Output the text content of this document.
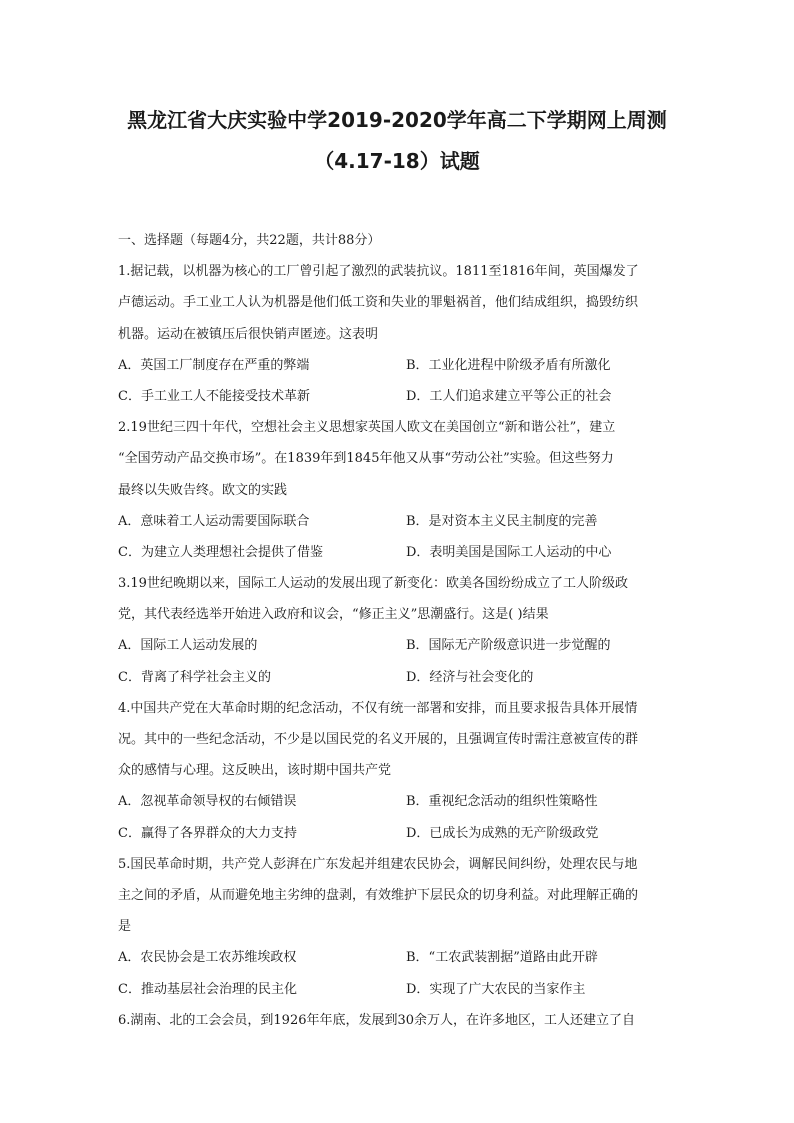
黑龙江省大庆实验中学2019-2020学年高二下学期网上周测
（4.17-18）试题
一、选择题（每题4分，共22题，共计88分）
1.据记载，以机器为核心的工厂曾引起了激烈的武装抗议。1811至1816年间，英国爆发了
卢德运动。手工业工人认为机器是他们低工资和失业的罪魁祸首，他们结成组织，捣毁纺织
机器。运动在被镇压后很快销声匿迹。这表明
A．英国工厂制度存在严重的弊端	B．工业化进程中阶级矛盾有所激化
C．手工业工人不能接受技术革新	D．工人们追求建立平等公正的社会
2.19世纪三四十年代，空想社会主义思想家英国人欧文在美国创立“新和谐公社”，建立
“全国劳动产品交换市场”。在1839年到1845年他又从事“劳动公社”实验。但这些努力
最终以失败告终。欧文的实践
A．意味着工人运动需要国际联合	B．是对资本主义民主制度的完善
C．为建立人类理想社会提供了借鉴	D．表明美国是国际工人运动的中心
3.19世纪晚期以来，国际工人运动的发展出现了新变化：欧美各国纷纷成立了工人阶级政
党，其代表经选举开始进入政府和议会，“修正主义”思潮盛行。这是( )结果
A．国际工人运动发展的	B．国际无产阶级意识进一步觉醒的
C．背离了科学社会主义的	D．经济与社会变化的
4.中国共产党在大革命时期的纪念活动，不仅有统一部署和安排，而且要求报告具体开展情
况。其中的一些纪念活动，不少是以国民党的名义开展的，且强调宣传时需注意被宣传的群
众的感情与心理。这反映出，该时期中国共产党
A．忽视革命领导权的右倾错误	B．重视纪念活动的组织性策略性
C．赢得了各界群众的大力支持	D．已成长为成熟的无产阶级政党
5.国民革命时期，共产党人彭湃在广东发起并组建农民协会，调解民间纠纷，处理农民与地
主之间的矛盾，从而避免地主劣绅的盘剥，有效维护下层民众的切身利益。对此理解正确的
是
A．农民协会是工农苏维埃政权	B．“工农武装割据”道路由此开辟
C．推动基层社会治理的民主化	D．实现了广大农民的当家作主
6.湖南、北的工会会员，到1926年年底，发展到30余万人，在许多地区，工人还建立了自
